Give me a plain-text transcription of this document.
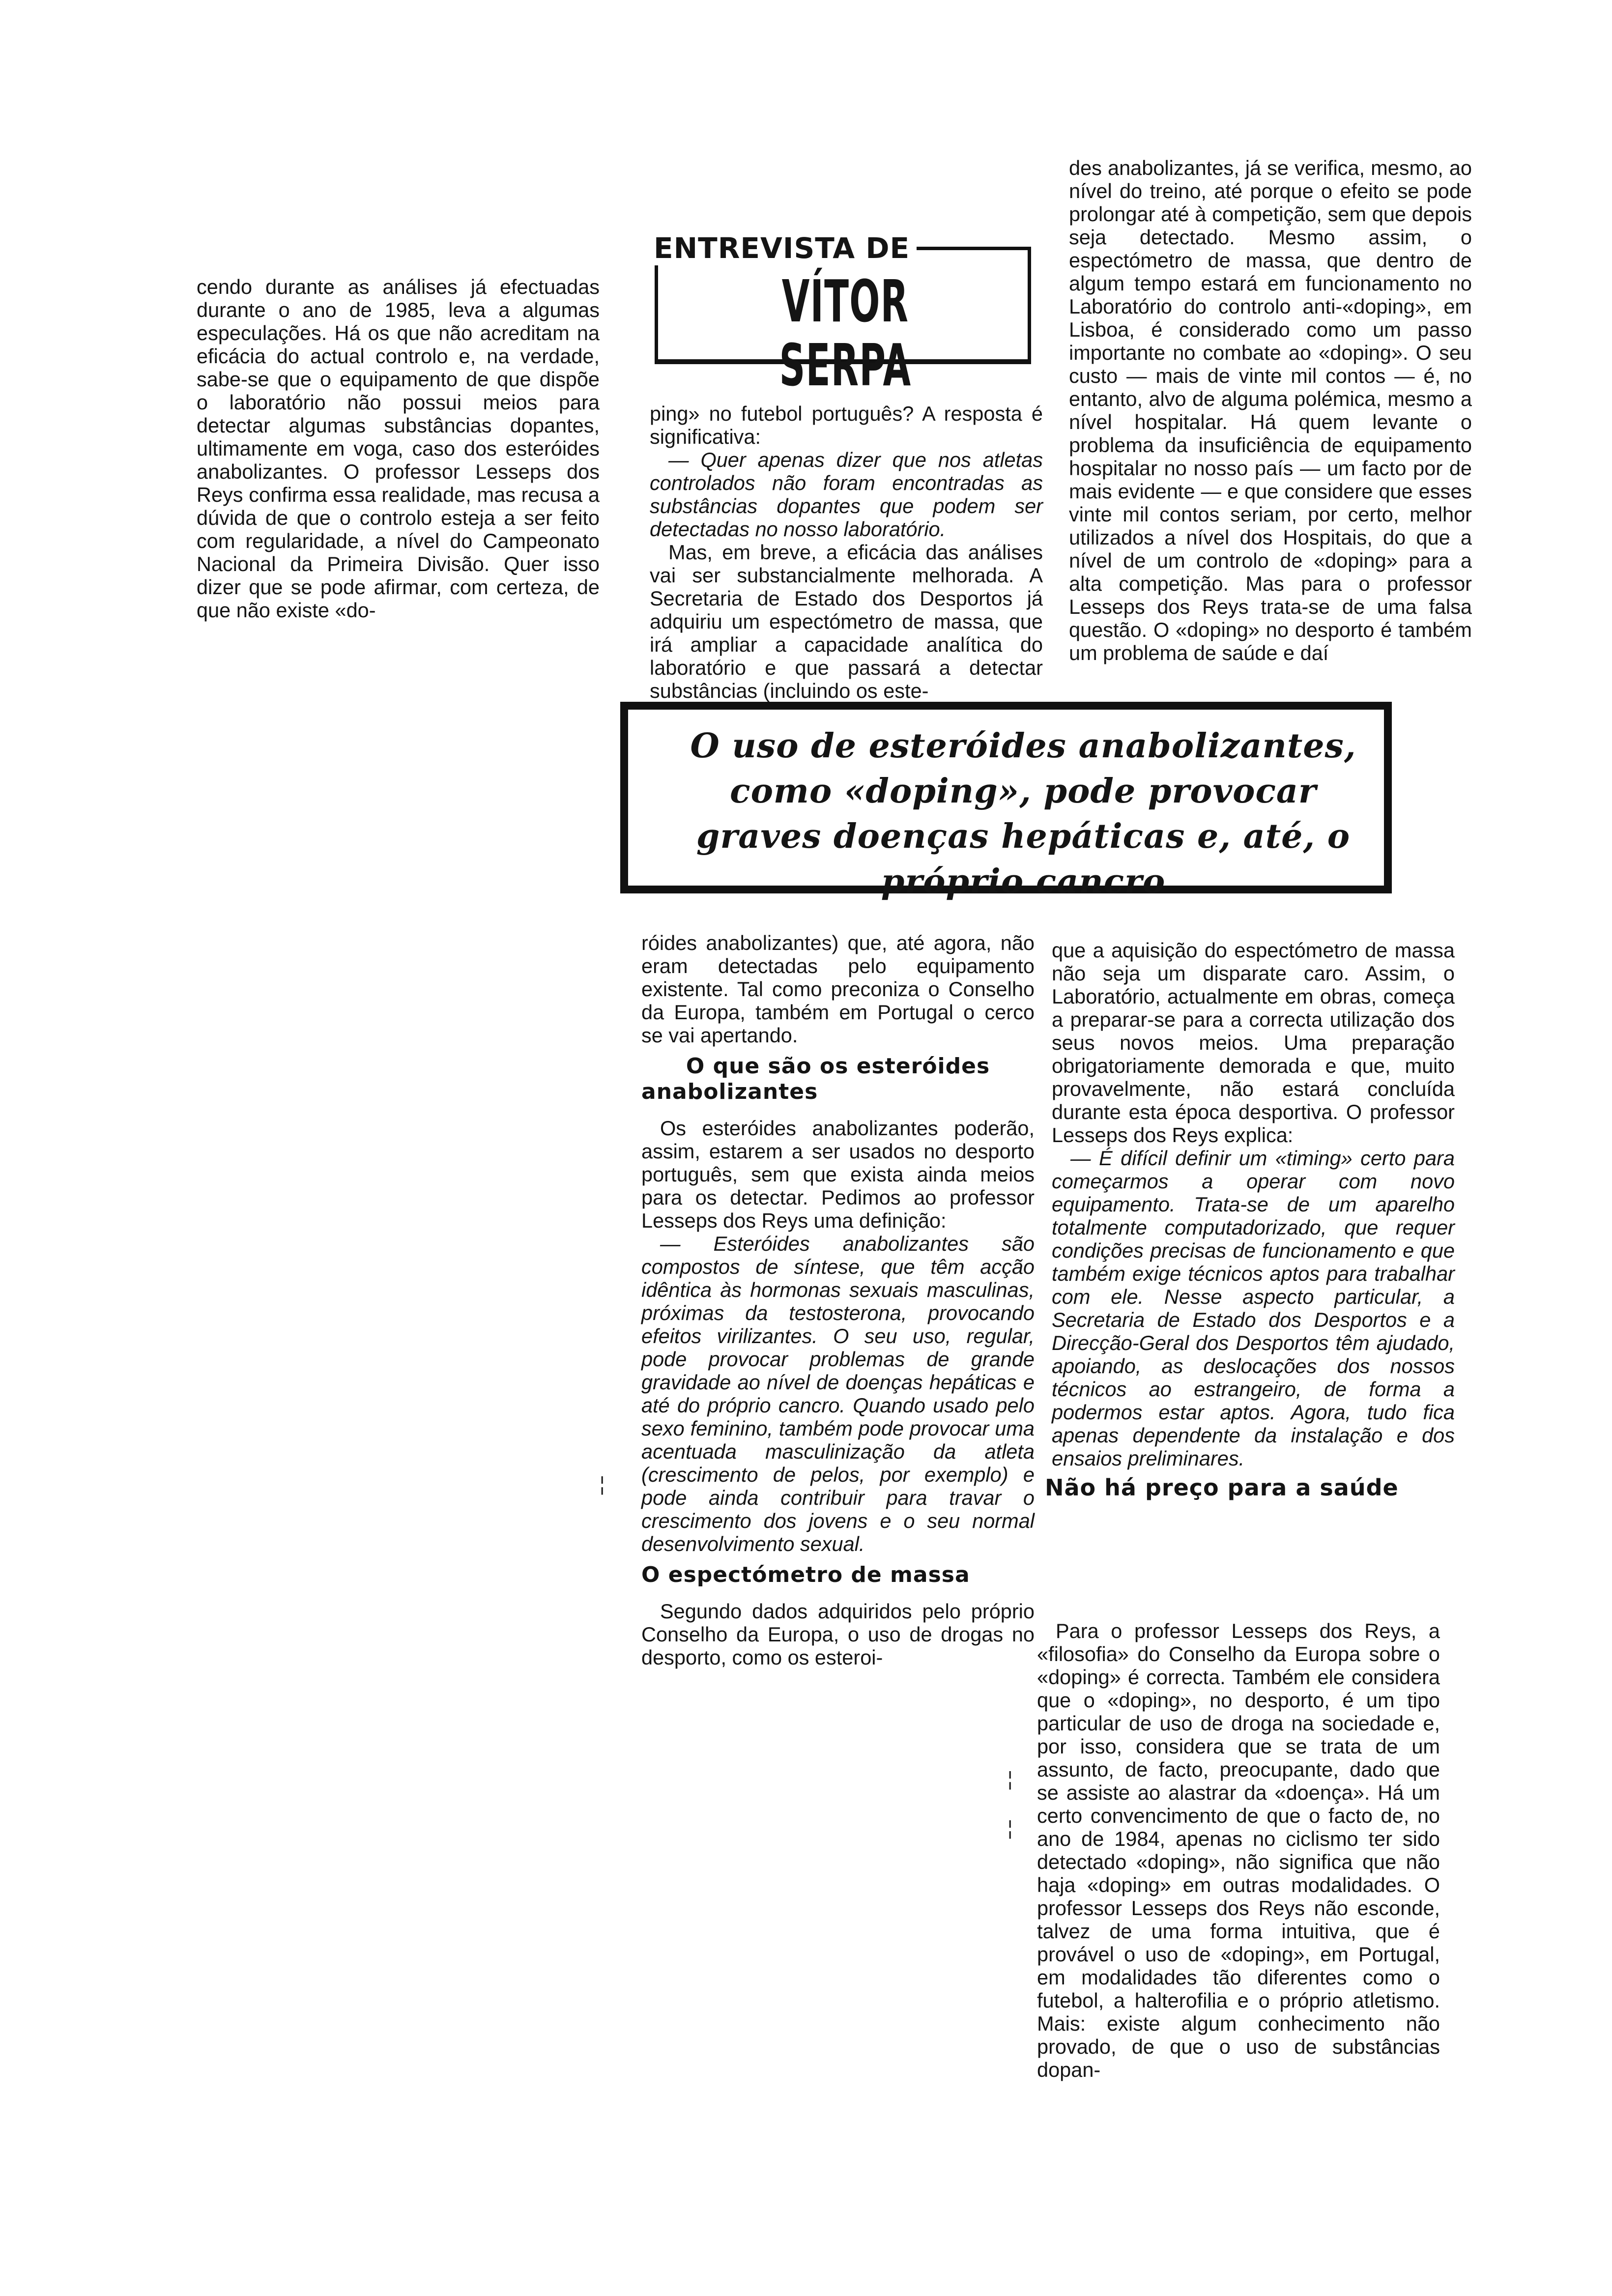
ENTREVISTA DE
VÍTOR SERPA

cendo durante as análises já efectuadas durante o ano de 1985, leva a algumas especulações. Há os que não acreditam na eficácia do actual controlo e, na verdade, sabe-se que o equipamento de que dispõe o laboratório não possui meios para detectar algumas substâncias dopantes, ultimamente em voga, caso dos esteróides anabolizantes. O professor Lesseps dos Reys confirma essa realidade, mas recusa a dúvida de que o controlo esteja a ser feito com regularidade, a nível do Campeonato Nacional da Primeira Divisão. Quer isso dizer que se pode afirmar, com certeza, de que não existe «do-

ping» no futebol português? A resposta é significativa:

— Quer apenas dizer que nos atletas controlados não foram encontradas as substâncias dopantes que podem ser detectadas no nosso laboratório.

Mas, em breve, a eficácia das análises vai ser substancialmente melhorada. A Secretaria de Estado dos Desportos já adquiriu um espectómetro de massa, que irá ampliar a capacidade analítica do laboratório e que passará a detectar substâncias (incluindo os este-

des anabolizantes, já se verifica, mesmo, ao nível do treino, até porque o efeito se pode prolongar até à competição, sem que depois seja detectado. Mesmo assim, o espectómetro de massa, que dentro de algum tempo estará em funcionamento no Laboratório do controlo anti-«doping», em Lisboa, é considerado como um passo importante no combate ao «doping». O seu custo — mais de vinte mil contos — é, no entanto, alvo de alguma polémica, mesmo a nível hospitalar. Há quem levante o problema da insuficiência de equipamento hospitalar no nosso país — um facto por de mais evidente — e que considere que esses vinte mil contos seriam, por certo, melhor utilizados a nível dos Hospitais, do que a nível de um controlo de «doping» para a alta competição. Mas para o professor Lesseps dos Reys trata-se de uma falsa questão. O «doping» no desporto é também um problema de saúde e daí

O uso de esteróides anabolizantes, como «doping», pode provocar graves doenças hepáticas e, até, o próprio cancro

róides anabolizantes) que, até agora, não eram detectadas pelo equipamento existente. Tal como preconiza o Conselho da Europa, também em Portugal o cerco se vai apertando.

O que são os esteróides anabolizantes

Os esteróides anabolizantes poderão, assim, estarem a ser usados no desporto português, sem que exista ainda meios para os detectar. Pedimos ao professor Lesseps dos Reys uma definição:

— Esteróides anabolizantes são compostos de síntese, que têm acção idêntica às hormonas sexuais masculinas, próximas da testosterona, provocando efeitos virilizantes. O seu uso, regular, pode provocar problemas de grande gravidade ao nível de doenças hepáticas e até do próprio cancro. Quando usado pelo sexo feminino, também pode provocar uma acentuada masculinização da atleta (crescimento de pelos, por exemplo) e pode ainda contribuir para travar o crescimento dos jovens e o seu normal desenvolvimento sexual.

O espectómetro de massa

Segundo dados adquiridos pelo próprio Conselho da Europa, o uso de drogas no desporto, como os esteroi-

que a aquisição do espectómetro de massa não seja um disparate caro. Assim, o Laboratório, actualmente em obras, começa a preparar-se para a correcta utilização dos seus novos meios. Uma preparação obrigatoriamente demorada e que, muito provavelmente, não estará concluída durante esta época desportiva. O professor Lesseps dos Reys explica:

— É difícil definir um «timing» certo para começarmos a operar com novo equipamento. Trata-se de um aparelho totalmente computadorizado, que requer condições precisas de funcionamento e que também exige técnicos aptos para trabalhar com ele. Nesse aspecto particular, a Secretaria de Estado dos Desportos e a Direcção-Geral dos Desportos têm ajudado, apoiando, as deslocações dos nossos técnicos ao estrangeiro, de forma a podermos estar aptos. Agora, tudo fica apenas dependente da instalação e dos ensaios preliminares.

Não há preço para a saúde

Para o professor Lesseps dos Reys, a «filosofia» do Conselho da Europa sobre o «doping» é correcta. Também ele considera que o «doping», no desporto, é um tipo particular de uso de droga na sociedade e, por isso, considera que se trata de um assunto, de facto, preocupante, dado que se assiste ao alastrar da «doença». Há um certo convencimento de que o facto de, no ano de 1984, apenas no ciclismo ter sido detectado «doping», não significa que não haja «doping» em outras modalidades. O professor Lesseps dos Reys não esconde, talvez de uma forma intuitiva, que é provável o uso de «doping», em Portugal, em modalidades tão diferentes como o futebol, a halterofilia e o próprio atletismo. Mais: existe algum conhecimento não provado, de que o uso de substâncias dopan-

¦
¦
¦
